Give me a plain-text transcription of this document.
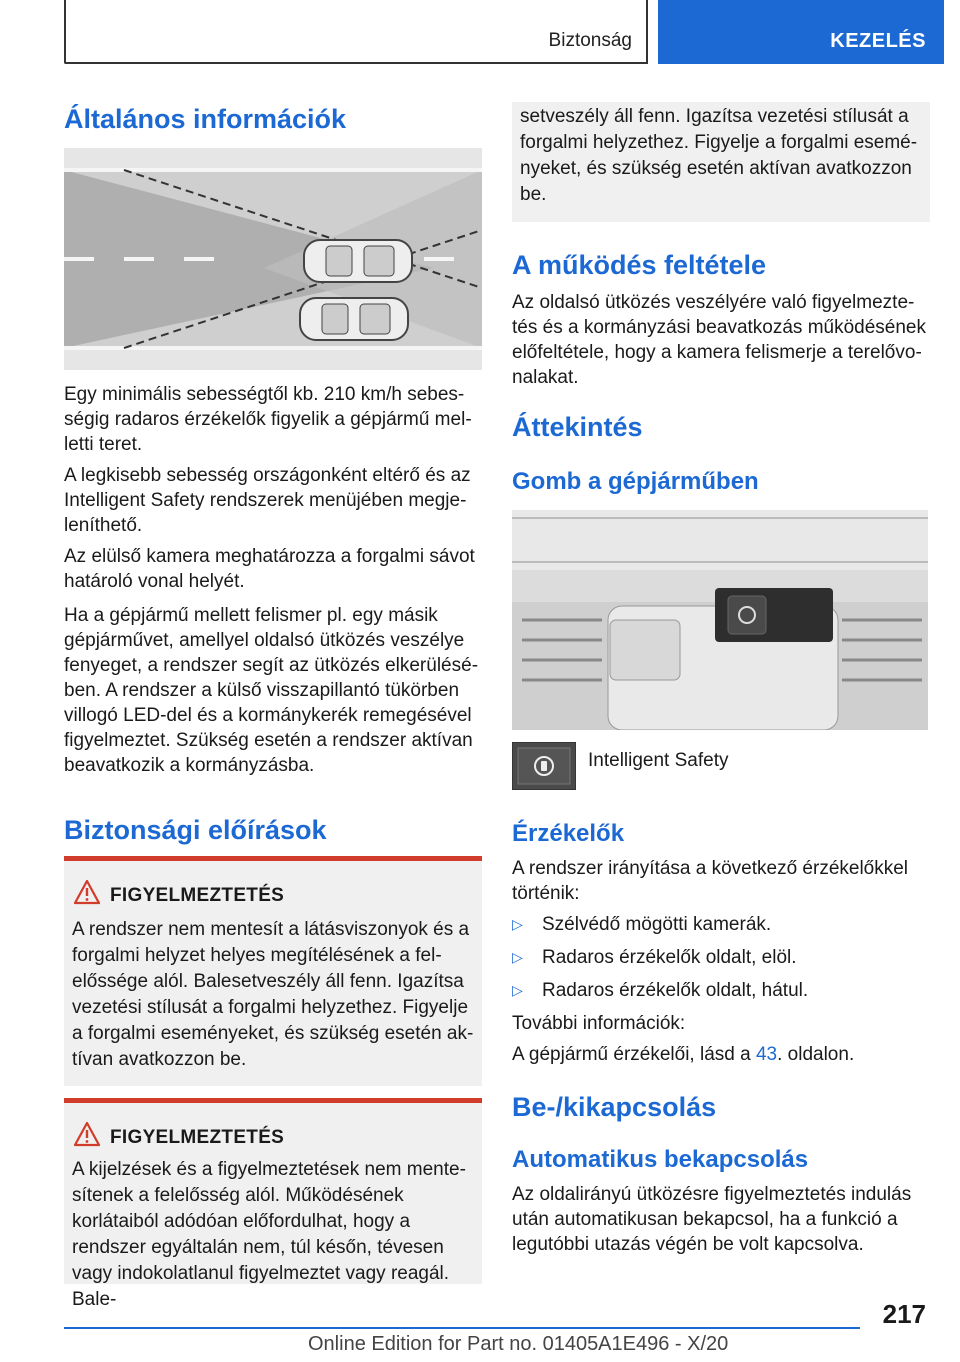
Biztonság	KEZELÉS
Általános információk
Egy minimális sebességtől kb. 210 km/h sebességig radaros érzékelők figyelik a gépjármű melletti teret.
A legkisebb sebesség országonként eltérő és az Intelligent Safety rendszerek menüjében megjeleníthető.
Az elülső kamera meghatározza a forgalmi sávot határoló vonal helyét.
Ha a gépjármű mellett felismer pl. egy másik gépjárművet, amellyel oldalsó ütközés veszélye fenyeget, a rendszer segít az ütközés elkerülésében. A rendszer a külső visszapillantó tükörben villogó LED-del és a kormánykerék remegésével figyelmeztet. Szükség esetén a rendszer aktívan beavatkozik a kormányzásba.
Biztonsági előírások
FIGYELMEZTETÉS
A rendszer nem mentesít a látásviszonyok és a forgalmi helyzet helyes megítélésének a felelőssége alól. Balesetveszély áll fenn. Igazítsa vezetési stílusát a forgalmi helyzethez. Figyelje a forgalmi eseményeket, és szükség esetén aktívan avatkozzon be.
FIGYELMEZTETÉS
A kijelzések és a figyelmeztetések nem mentesítenek a felelősség alól. Működésének korlátaiból adódóan előfordulhat, hogy a rendszer egyáltalán nem, túl későn, tévesen vagy indokolatlanul figyelmeztet vagy reagál. Bale-
setveszély áll fenn. Igazítsa vezetési stílusát a forgalmi helyzethez. Figyelje a forgalmi eseményeket, és szükség esetén aktívan avatkozzon be.
A működés feltétele
Az oldalsó ütközés veszélyére való figyelmeztetés és a kormányzási beavatkozás működésének előfeltétele, hogy a kamera felismerje a terelővonalakat.
Áttekintés
Gomb a gépjárműben
Intelligent Safety
Érzékelők
A rendszer irányítása a következő érzékelőkkel történik:
▷ Szélvédő mögötti kamerák.
▷ Radaros érzékelők oldalt, elöl.
▷ Radaros érzékelők oldalt, hátul.
További információk:
A gépjármű érzékelői, lásd a 43. oldalon.
Be-/kikapcsolás
Automatikus bekapcsolás
Az oldalirányú ütközésre figyelmeztetés indulás után automatikusan bekapcsol, ha a funkció a legutóbbi utazás végén be volt kapcsolva.
217
Online Edition for Part no. 01405A1E496 - X/20
